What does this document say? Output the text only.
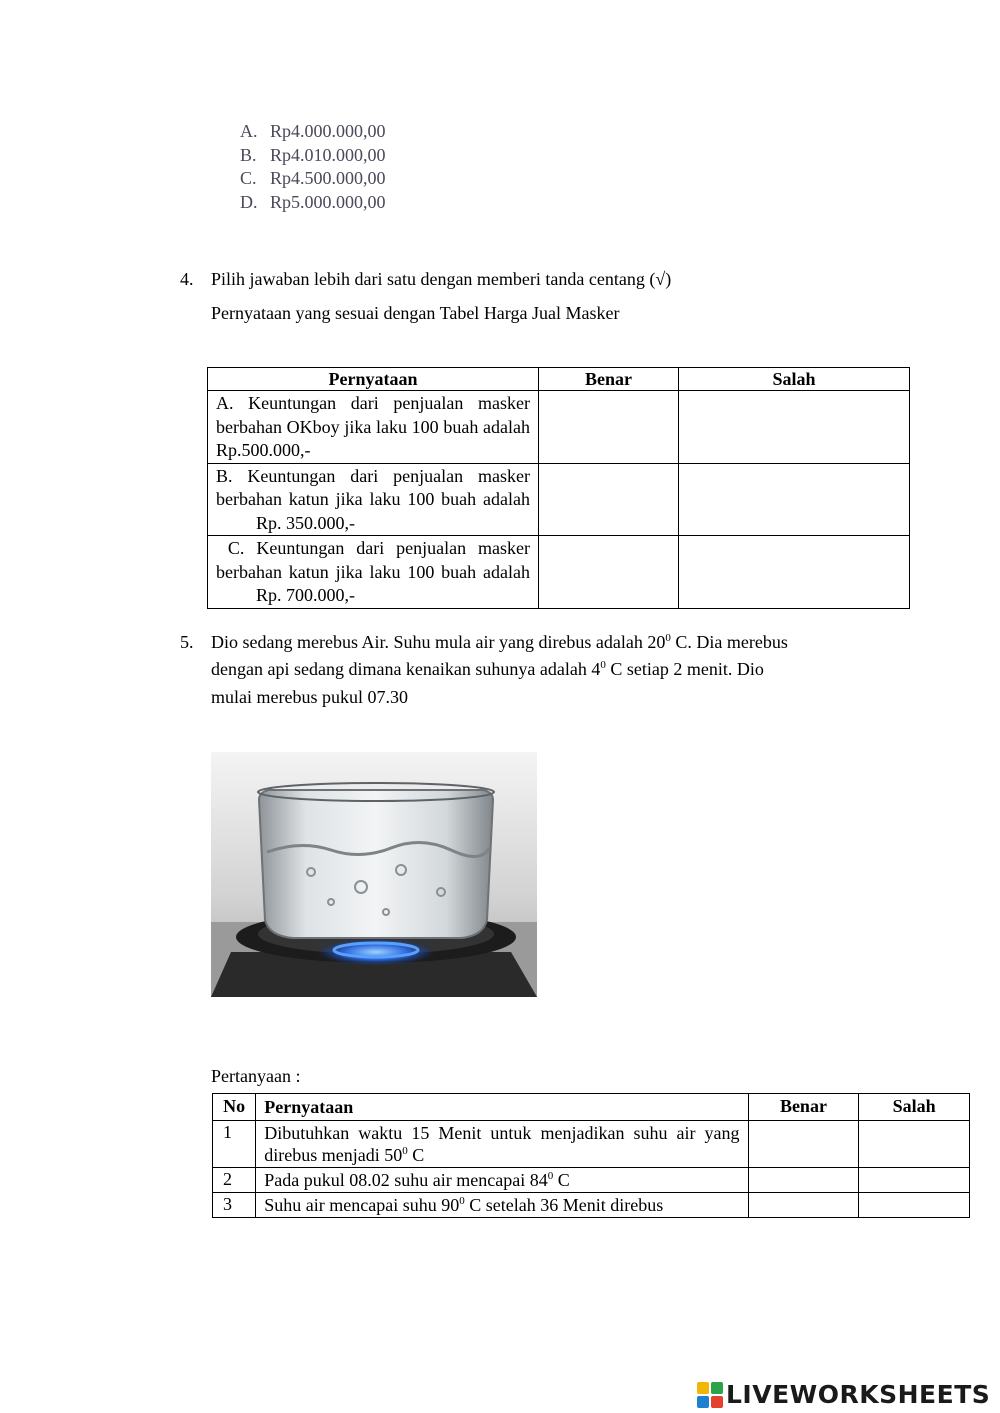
A. Rp4.000.000,00
B. Rp4.010.000,00
C. Rp4.500.000,00
D. Rp5.000.000,00
4. Pilih jawaban lebih dari satu dengan memberi tanda centang (√)
Pernyataan yang sesuai dengan Tabel Harga Jual Masker
Pernyataan	Benar	Salah
A. Keuntungan dari penjualan masker berbahan OKboy jika laku 100 buah adalah Rp.500.000,-		
B. Keuntungan dari penjualan masker berbahan katun jika laku 100 buah adalahRp. 350.000,-		
C. Keuntungan dari penjualan masker berbahan katun jika laku 100 buah adalahRp. 700.000,-		
5. Dio sedang merebus Air. Suhu mula air yang direbus adalah $20^0$ C. Dia merebus
dengan api sedang dimana kenaikan suhunya adalah $4^0$ C setiap 2 menit. Dio
mulai merebus pukul 07.30
Pertanyaan :
No	Pernyataan	Benar	Salah
1	Dibutuhkan waktu 15 Menit untuk menjadikan suhu air yang direbus menjadi $50^0$ C		
2	Pada pukul 08.02 suhu air mencapai $84^0$ C		
3	Suhu air mencapai suhu $90^0$ C setelah 36 Menit direbus		
LIVEWORKSHEETS
